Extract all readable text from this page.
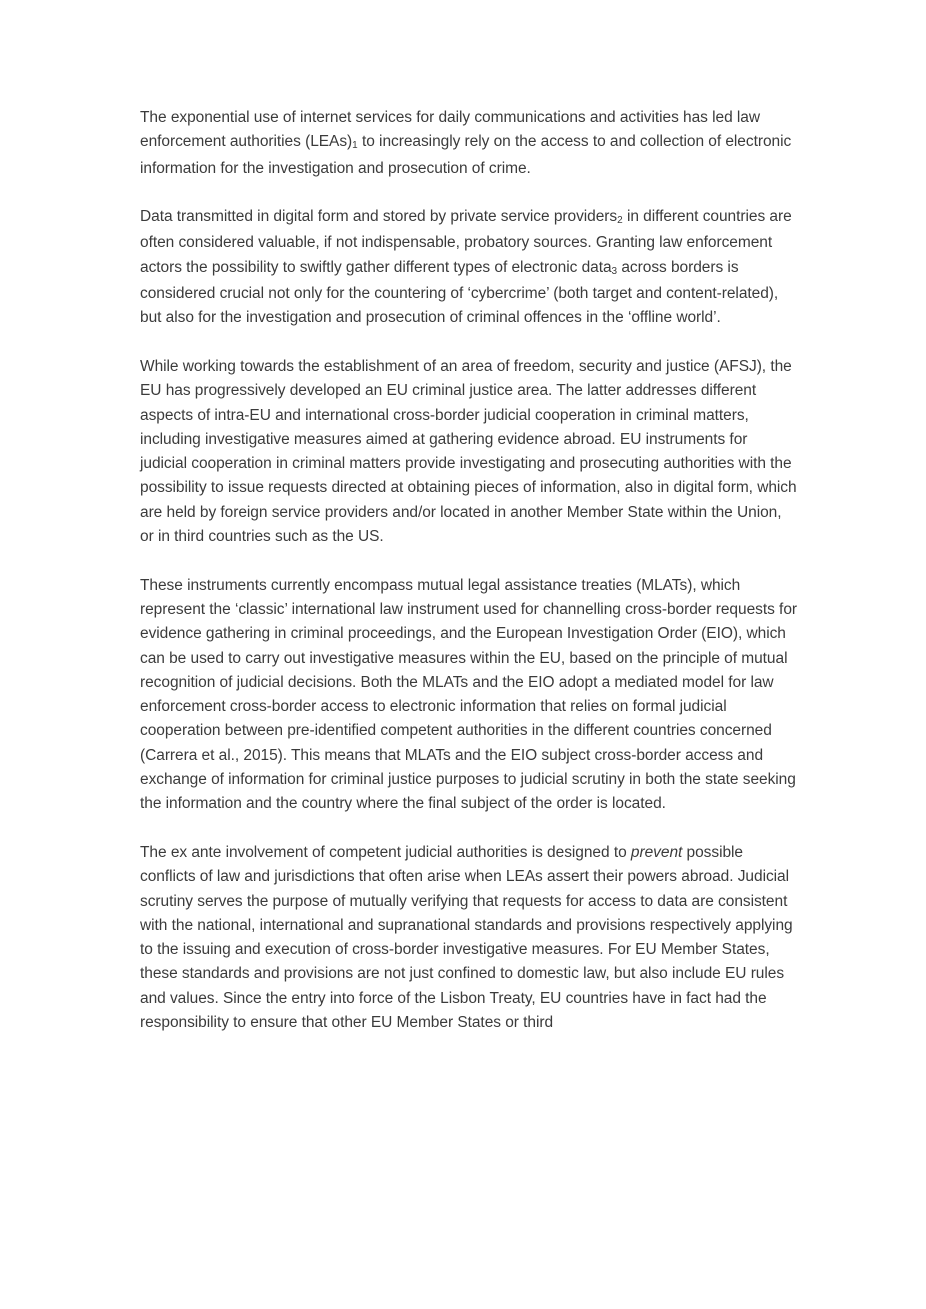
The exponential use of internet services for daily communications and activities has led law enforcement authorities (LEAs)1 to increasingly rely on the access to and collection of electronic information for the investigation and prosecution of crime.

Data transmitted in digital form and stored by private service providers2 in different countries are often considered valuable, if not indispensable, probatory sources. Granting law enforcement actors the possibility to swiftly gather different types of electronic data3 across borders is considered crucial not only for the countering of ‘cybercrime’ (both target and content-related), but also for the investigation and prosecution of criminal offences in the ‘offline world’.

While working towards the establishment of an area of freedom, security and justice (AFSJ), the EU has progressively developed an EU criminal justice area. The latter addresses different aspects of intra-EU and international cross-border judicial cooperation in criminal matters, including investigative measures aimed at gathering evidence abroad. EU instruments for judicial cooperation in criminal matters provide investigating and prosecuting authorities with the possibility to issue requests directed at obtaining pieces of information, also in digital form, which are held by foreign service providers and/or located in another Member State within the Union, or in third countries such as the US.

These instruments currently encompass mutual legal assistance treaties (MLATs), which represent the ‘classic’ international law instrument used for channelling cross-border requests for evidence gathering in criminal proceedings, and the European Investigation Order (EIO), which can be used to carry out investigative measures within the EU, based on the principle of mutual recognition of judicial decisions. Both the MLATs and the EIO adopt a mediated model for law enforcement cross-border access to electronic information that relies on formal judicial cooperation between pre-identified competent authorities in the different countries concerned (Carrera et al., 2015). This means that MLATs and the EIO subject cross-border access and exchange of information for criminal justice purposes to judicial scrutiny in both the state seeking the information and the country where the final subject of the order is located.

The ex ante involvement of competent judicial authorities is designed to prevent possible conflicts of law and jurisdictions that often arise when LEAs assert their powers abroad. Judicial scrutiny serves the purpose of mutually verifying that requests for access to data are consistent with the national, international and supranational standards and provisions respectively applying to the issuing and execution of cross-border investigative measures. For EU Member States, these standards and provisions are not just confined to domestic law, but also include EU rules and values. Since the entry into force of the Lisbon Treaty, EU countries have in fact had the responsibility to ensure that other EU Member States or third
